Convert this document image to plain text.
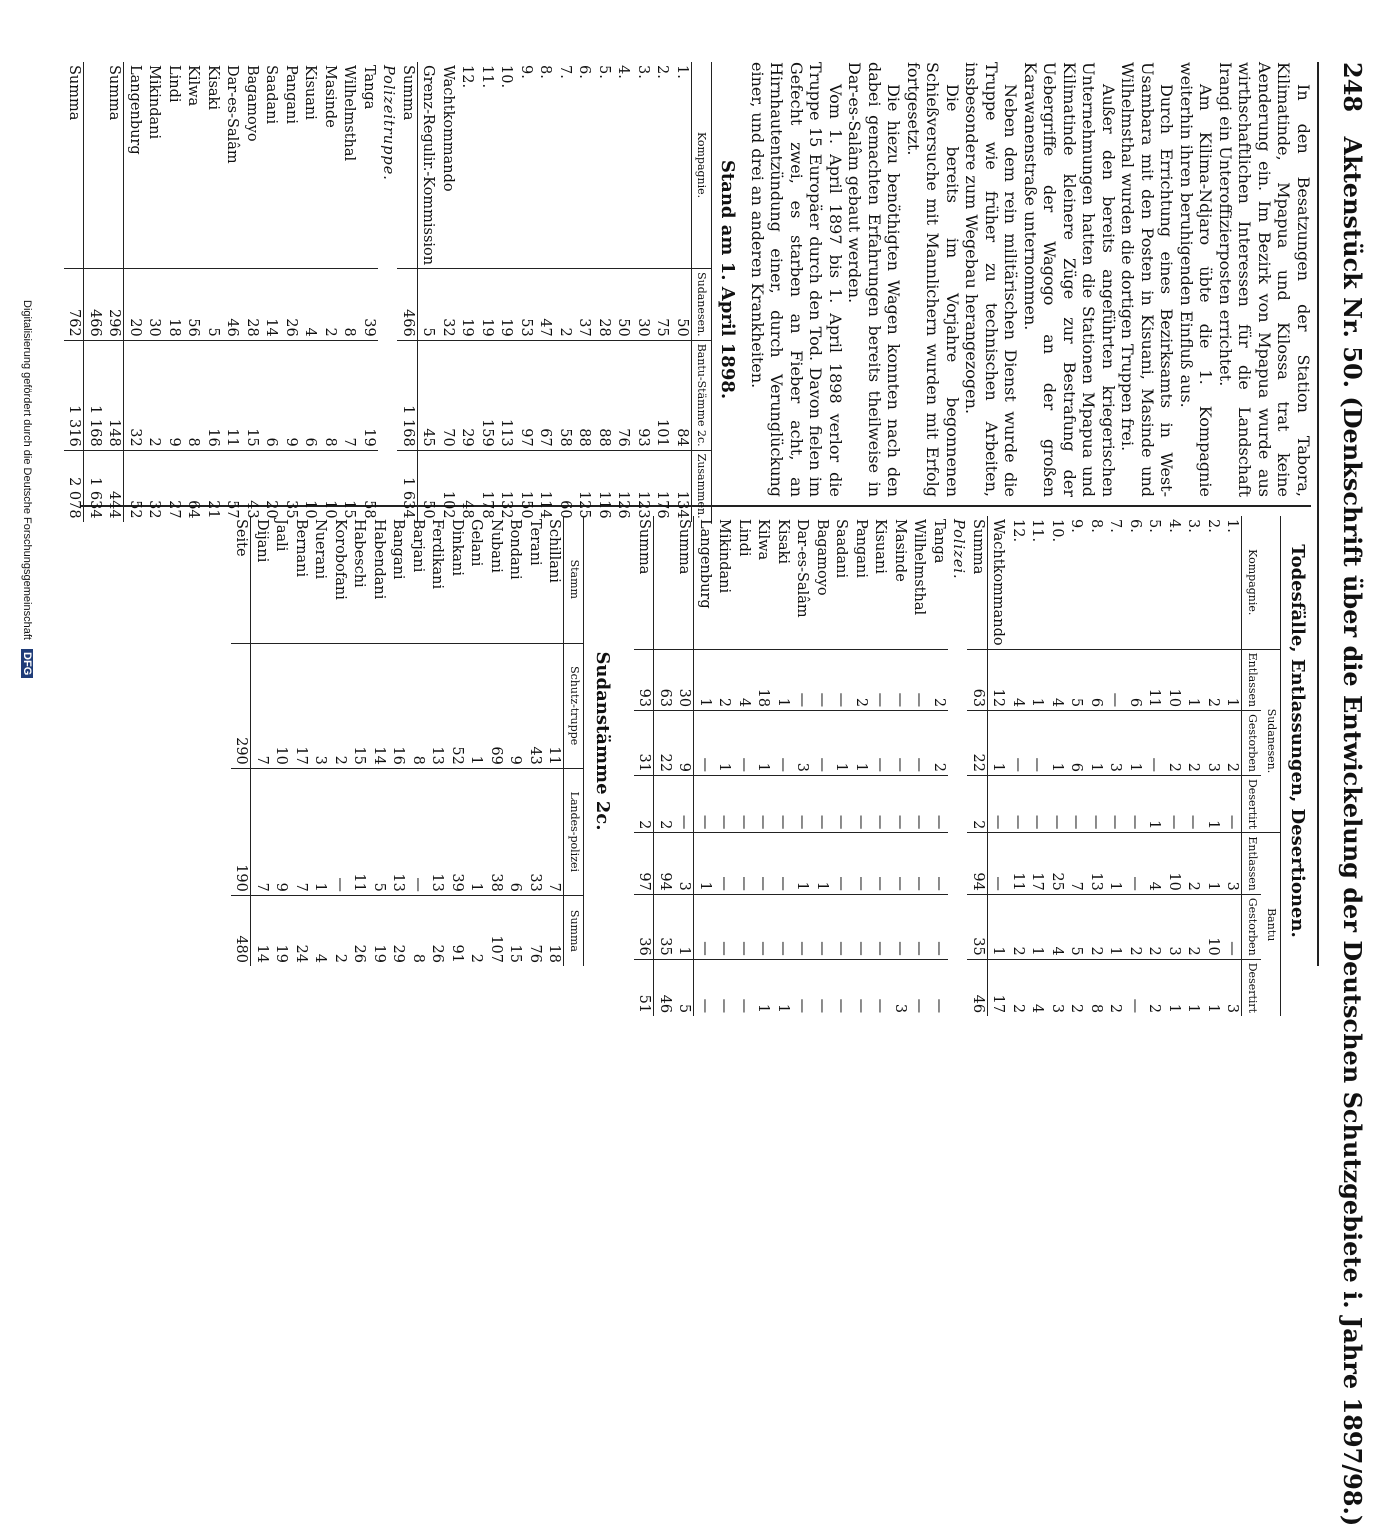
248 Aktenstück Nr. 50. (Denkschrift über die Entwickelung der Deutschen Schutzgebiete i. Jahre 1897/98.)

In den Besatzungen der Station Tabora, Kilimatinde, Mpapua und Kilossa trat keine Aenderung ein. Im Bezirk von Mpapua wurde aus wirthschaftlichen Interessen für die Landschaft Irangi ein Unteroffizierposten errichtet.

Am Kilima-Ndjaro übte die 1. Kompagnie weiterhin ihren beruhigenden Einfluß aus.

Durch Errichtung eines Bezirksamts in West-Usambara mit den Posten in Kisuani, Masinde und Wilhelmsthal wurden die dortigen Truppen frei.

Außer den bereits angeführten kriegerischen Unternehmungen hatten die Stationen Mpapua und Kilimatinde kleinere Züge zur Bestrafung der Uebergriffe der Wagogo an der großen Karawanenstraße unternommen.

Neben dem rein militärischen Dienst wurde die Truppe wie früher zu technischen Arbeiten, insbesondere zum Wegebau herangezogen.

Die bereits im Vorjahre begonnenen Schießversuche mit Mannlichern wurden mit Erfolg fortgesetzt.

Die hiezu benöthigten Wagen konnten nach den dabei gemachten Erfahrungen bereits theilweise in Dar-es-Salâm gebaut werden.

Vom 1. April 1897 bis 1. April 1898 verlor die Truppe 15 Europäer durch den Tod. Davon fielen im Gefecht zwei, es starben an Fieber acht, an Hirnhautentzündung einer, durch Verunglückung einer, und drei an anderen Krankheiten.

Stand am 1. April 1898.
Kompagnie.	Sudanesen.	Bantu-Stämme 2c.	Zusammen.
1.	50	84	134
2.	75	101	176
3.	30	93	123
4.	50	76	126
5.	28	88	116
6.	37	88	125
7.	2	58	60
8.	47	67	114
9.	53	97	150
10.	19	113	132
11.	19	159	178
12.	19	29	48
Wachtkommando	32	70	102
Grenz-Regulir.-Kommission	5	45	50
Summa	466	1 168	1 634
Polizeitruppe.			
Tanga	39	19	58
Wilhelmsthal	8	7	15
Masinde	2	8	10
Kisuani	4	6	10
Pangani	26	9	35
Saadani	14	6	20
Bagamoyo	28	15	43
Dar-es-Salâm	46	11	57
Kisaki	5	16	21
Kilwa	56	8	64
Lindi	18	9	27
Mikindani	30	2	32
Langenburg	20	32	52
Summa	296	148	444
	466	1 168	1 634
Summa	762	1 316	2 078
Todesfälle, Entlassungen, Desertionen.
	Sudanesen.			Bantu		
Kompagnie.	Entlassen	Gestorben	Desertirt	Entlassen	Gestorben	Desertirt
1.	1	2	—	3	—	3
2.	2	3	1	1	10	1
3.	1	2	—	2	2	1
4.	10	2	—	10	3	1
5.	11	—	1	4	2	2
6.	6	1	—	—	2	—
7.	—	3	—	1	1	2
8.	6	1	—	13	2	8
9.	5	6	—	7	5	2
10.	4	1	—	25	4	3
11.	1	—	—	17	1	4
12.	4	—	—	11	2	2
Wachtkommando	12	1	—	—	1	17
Summa	63	22	2	94	35	46
Polizei.						
Tanga	2	2	—	—	—	—
Wilhelmsthal	—	—	—	—	—	—
Masinde	—	—	—	—	—	3
Kisuani	—	—	—	—	—	—
Pangani	2	1	—	—	—	—
Saadani	—	1	—	—	—	—
Bagamoyo	—	—	—	1	—	—
Dar-es-Salâm	—	3	—	1	—	—
Kisaki	1	—	—	—	—	1
Kilwa	18	1	—	—	—	1
Lindi	4	—	—	—	—	—
Mikindani	2	1	—	—	—	—
Langenburg	1	—	—	1	—	—
Summa	30	9	—	3	1	5
	63	22	2	94	35	46
Summa	93	31	2	97	36	51
Sudanstämme 2c.
Stamm	Schutz-truppe	Landes-polizei	Summa
Schillani	11	7	18
Terani	43	33	76
Bondani	9	6	15
Nubani	69	38	107
Gelani	1	1	2
Dinkani	52	39	91
Ferdikani	13	13	26
Barjani	8	—	8
Bangani	16	13	29
Habendani	14	5	19
Habeschi	15	11	26
Korobofani	2	—	2
Nuerani	3	1	4
Bernani	17	7	24
Jaali	10	9	19
Dijani	7	7	14
Seite	290	190	480
Digitalisierung gefördert durch die Deutsche Forschungsgemeinschaft DFG
